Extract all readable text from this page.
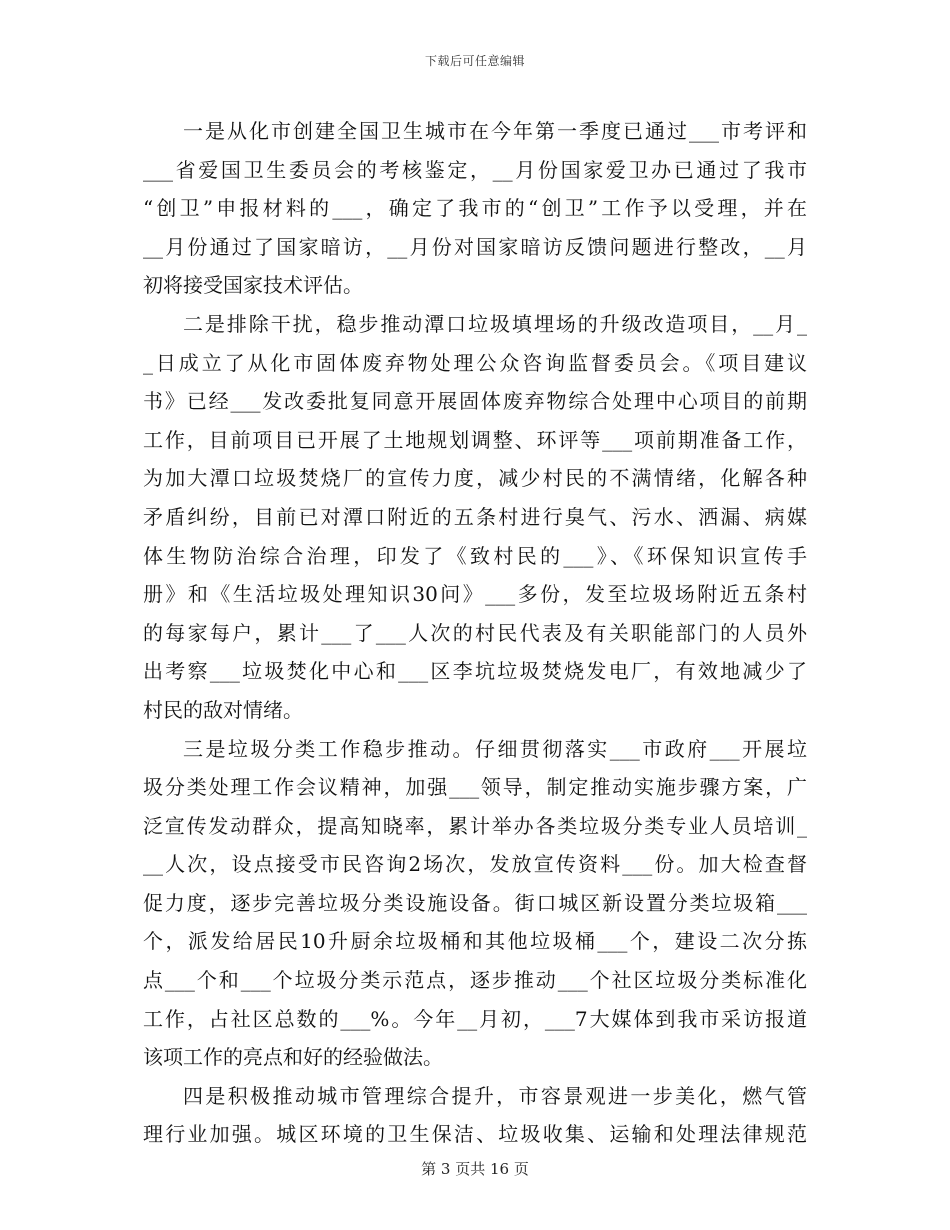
下载后可任意编辑
一是从化市创建全国卫生城市在今年第一季度已通过___市考评和
___省爱国卫生委员会的考核鉴定，__月份国家爱卫办已通过了我市
“创卫”申报材料的___，确定了我市的“创卫”工作予以受理，并在
__月份通过了国家暗访，__月份对国家暗访反馈问题进行整改，__月
初将接受国家技术评估。
二是排除干扰，稳步推动潭口垃圾填埋场的升级改造项目，__月_
_日成立了从化市固体废弃物处理公众咨询监督委员会。《项目建议
书》已经___发改委批复同意开展固体废弃物综合处理中心项目的前期
工作，目前项目已开展了土地规划调整、环评等___项前期准备工作，
为加大潭口垃圾焚烧厂的宣传力度，减少村民的不满情绪，化解各种
矛盾纠纷，目前已对潭口附近的五条村进行臭气、污水、洒漏、病媒
体生物防治综合治理，印发了《致村民的___》、《环保知识宣传手
册》和《生活垃圾处理知识30问》___多份，发至垃圾场附近五条村
的每家每户，累计___了___人次的村民代表及有关职能部门的人员外
出考察___垃圾焚化中心和___区李坑垃圾焚烧发电厂，有效地减少了
村民的敌对情绪。
三是垃圾分类工作稳步推动。仔细贯彻落实___市政府___开展垃
圾分类处理工作会议精神，加强___领导，制定推动实施步骤方案，广
泛宣传发动群众，提高知晓率，累计举办各类垃圾分类专业人员培训_
__人次，设点接受市民咨询2场次，发放宣传资料___份。加大检查督
促力度，逐步完善垃圾分类设施设备。街口城区新设置分类垃圾箱___
个，派发给居民10升厨余垃圾桶和其他垃圾桶___个，建设二次分拣
点___个和___个垃圾分类示范点，逐步推动___个社区垃圾分类标准化
工作，占社区总数的___%。今年__月初，___7大媒体到我市采访报道
该项工作的亮点和好的经验做法。
四是积极推动城市管理综合提升，市容景观进一步美化，燃气管
理行业加强。城区环境的卫生保洁、垃圾收集、运输和处理法律规范
第 3 页共 16 页
